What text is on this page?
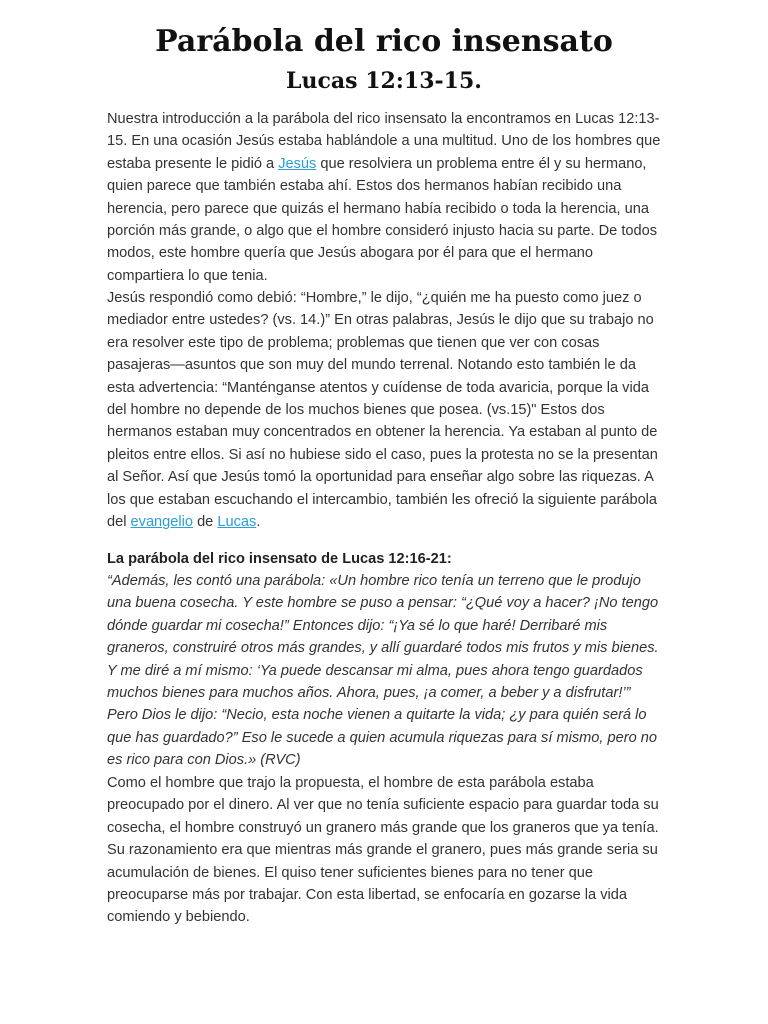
Parábola del rico insensato
Lucas 12:13-15.

Nuestra introducción a la parábola del rico insensato la encontramos en Lucas 12:13-15. En una ocasión Jesús estaba hablándole a una multitud. Uno de los hombres que estaba presente le pidió a Jesús que resolviera un problema entre él y su hermano, quien parece que también estaba ahí. Estos dos hermanos habían recibido una herencia, pero parece que quizás el hermano había recibido o toda la herencia, una porción más grande, o algo que el hombre consideró injusto hacia su parte. De todos modos, este hombre quería que Jesús abogara por él para que el hermano compartiera lo que tenia.

Jesús respondió como debió: “Hombre,” le dijo, “¿quién me ha puesto como juez o mediador entre ustedes? (vs. 14.)” En otras palabras, Jesús le dijo que su trabajo no era resolver este tipo de problema; problemas que tienen que ver con cosas pasajeras—asuntos que son muy del mundo terrenal. Notando esto también le da esta advertencia: “Manténganse atentos y cuídense de toda avaricia, porque la vida del hombre no depende de los muchos bienes que posea. (vs.15)" Estos dos hermanos estaban muy concentrados en obtener la herencia. Ya estaban al punto de pleitos entre ellos. Si así no hubiese sido el caso, pues la protesta no se la presentan al Señor. Así que Jesús tomó la oportunidad para enseñar algo sobre las riquezas. A los que estaban escuchando el intercambio, también les ofreció la siguiente parábola del evangelio de Lucas.

La parábola del rico insensato de Lucas 12:16-21:

“Además, les contó una parábola: «Un hombre rico tenía un terreno que le produjo una buena cosecha. Y este hombre se puso a pensar: “¿Qué voy a hacer? ¡No tengo dónde guardar mi cosecha!” Entonces dijo: “¡Ya sé lo que haré! Derribaré mis graneros, construiré otros más grandes, y allí guardaré todos mis frutos y mis bienes. Y me diré a mí mismo: ‘Ya puede descansar mi alma, pues ahora tengo guardados muchos bienes para muchos años. Ahora, pues, ¡a comer, a beber y a disfrutar!’” Pero Dios le dijo: “Necio, esta noche vienen a quitarte la vida; ¿y para quién será lo que has guardado?” Eso le sucede a quien acumula riquezas para sí mismo, pero no es rico para con Dios.» (RVC)

Como el hombre que trajo la propuesta, el hombre de esta parábola estaba preocupado por el dinero. Al ver que no tenía suficiente espacio para guardar toda su cosecha, el hombre construyó un granero más grande que los graneros que ya tenía. Su razonamiento era que mientras más grande el granero, pues más grande seria su acumulación de bienes. El quiso tener suficientes bienes para no tener que preocuparse más por trabajar. Con esta libertad, se enfocaría en gozarse la vida comiendo y bebiendo.
